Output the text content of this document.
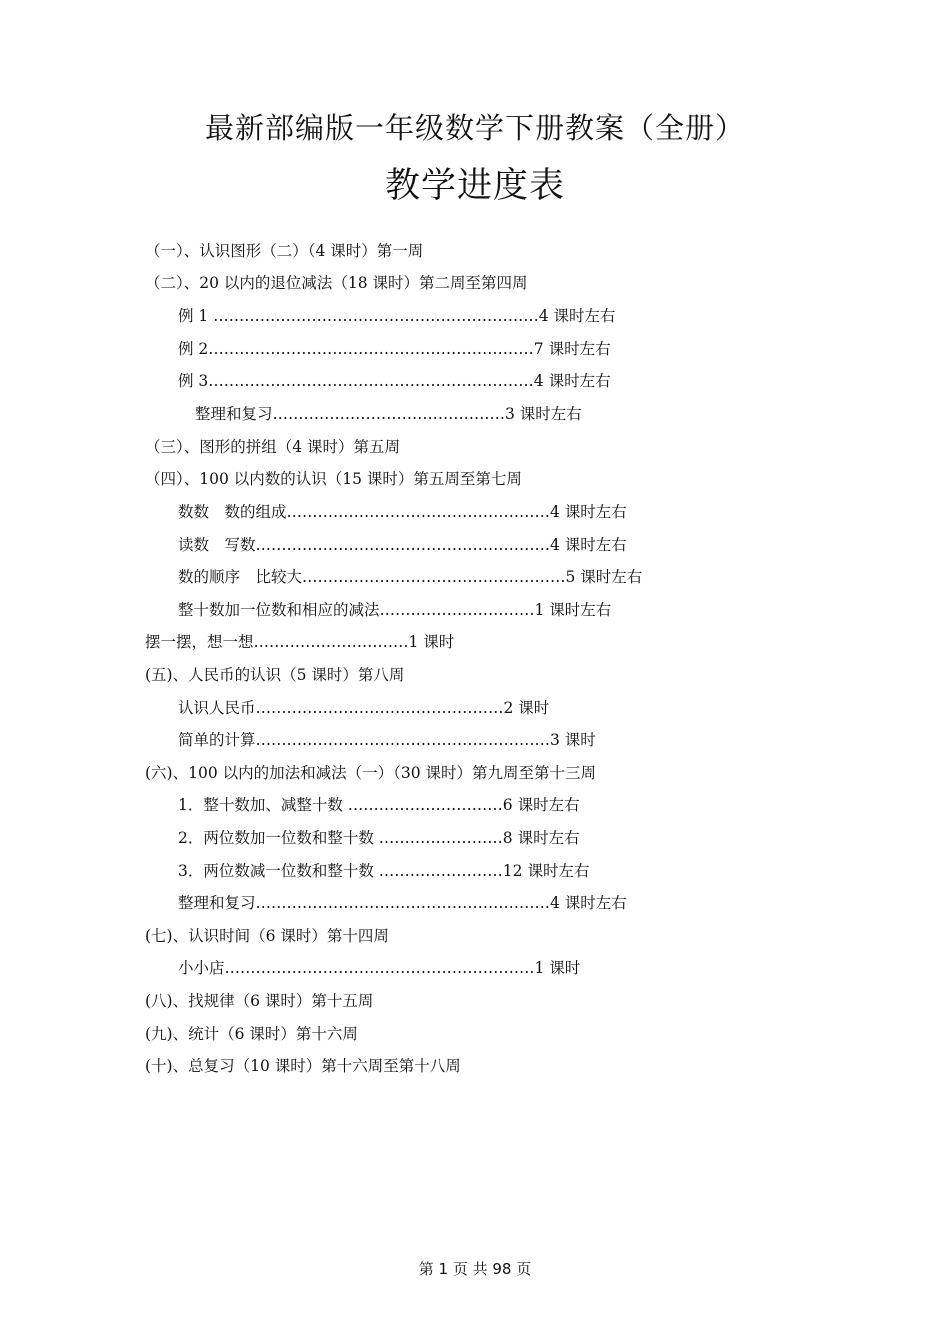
最新部编版一年级数学下册教案（全册）
教学进度表
（一）、认识图形（二）（4 课时）第一周
（二）、20 以内的退位减法（18 课时）第二周至第四周
例 1 ………………………………………………………4 课时左右
例 2………………………………………………………7 课时左右
例 3………………………………………………………4 课时左右
整理和复习………………………………………3 课时左右
（三）、图形的拼组（4 课时）第五周
（四）、100 以内数的认识（15 课时）第五周至第七周
数数　数的组成……………………………………………4 课时左右
读数　写数…………………………………………………4 课时左右
数的顺序　比较大……………………………………………5 课时左右
整十数加一位数和相应的减法…………………………1 课时左右
摆一摆，想一想…………………………1 课时
(五)、人民币的认识（5 课时）第八周
认识人民币…………………………………………2 课时
简单的计算…………………………………………………3 课时
(六)、100 以内的加法和减法（一）（30 课时）第九周至第十三周
1．整十数加、减整十数 …………………………6 课时左右
2．两位数加一位数和整十数 ……………………8 课时左右
3．两位数减一位数和整十数 ……………………12 课时左右
整理和复习…………………………………………………4 课时左右
(七)、认识时间（6 课时）第十四周
小小店……………………………………………………1 课时
(八)、找规律（6 课时）第十五周
(九)、统计（6 课时）第十六周
(十)、总复习（10 课时）第十六周至第十八周
第 1 页 共 98 页
